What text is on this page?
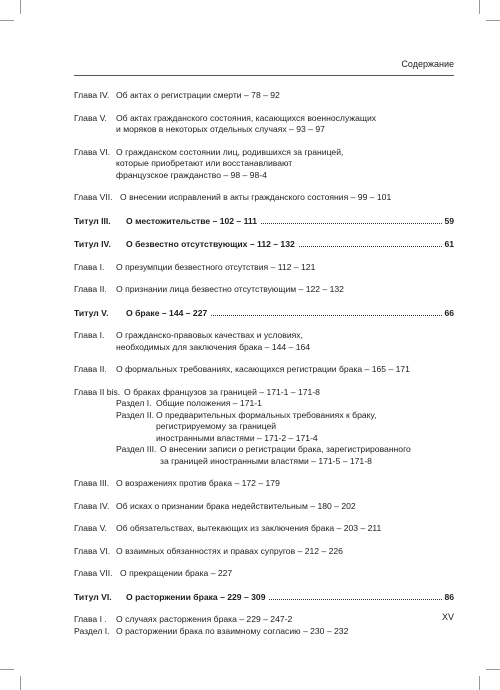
Содержание
Глава IV. Об актах о регистрации смерти – 78 – 92
Глава V.	Об актах гражданского состояния, касающихся военнослужащих
и моряков в некоторых отдельных случаях – 93 – 97
Глава VI. О гражданском состоянии лиц, родившихся за границей,
которые приобретают или восстанавливают
французское гражданство – 98 – 98-4
Глава VII. О внесении исправлений в акты гражданского состояния – 99 – 101
Титул III.	О местожительстве – 102 – 111	59
Титул IV.	О безвестно отсутствующих – 112 – 132	61
Глава I.	О презумпции безвестного отсутствия – 112 – 121
Глава II.	О признании лица безвестно отсутствующим – 122 – 132
Титул V.	О браке – 144 – 227	66
Глава I.	О гражданско-правовых качествах и условиях,
необходимых для заключения брака – 144 – 164
Глава II.	О формальных требованиях, касающихся регистрации брака – 165 – 171
Глава II bis. О браках французов за границей – 171-1 – 171-8
Раздел I. Общие положения – 171-1
Раздел II. О предварительных формальных требованиях к браку,
регистрируемому за границей
иностранными властями – 171-2 – 171-4
Раздел III. О внесении записи о регистрации брака, зарегистрированного
за границей иностранными властями – 171-5 – 171-8
Глава III. О возражениях против брака – 172 – 179
Глава IV. Об исках о признании брака недействительным – 180 – 202
Глава V.	Об обязательствах, вытекающих из заключения брака – 203 – 211
Глава VI. О взаимных обязанностях и правах супругов – 212 – 226
Глава VII. О прекращении брака – 227
Титул VI.	О расторжении брака – 229 – 309	86
Глава I .	О случаях расторжения брака – 229 – 247-2
Раздел I. О расторжении брака по взаимному согласию – 230 – 232
XV
